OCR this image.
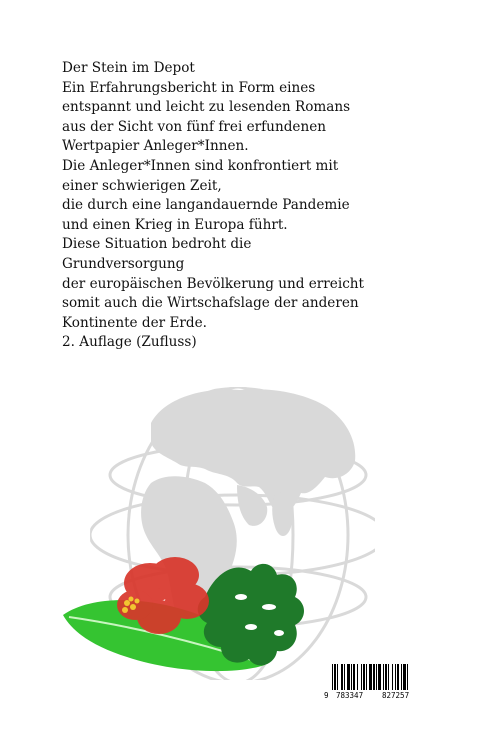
Der Stein im Depot
Ein Erfahrungsbericht in Form eines
entspannt und leicht zu lesenden Romans
aus der Sicht von fünf frei erfundenen
Wertpapier Anleger*Innen.
Die Anleger*Innen sind konfrontiert mit
einer schwierigen Zeit,
die durch eine langandauernde Pandemie
und einen Krieg in Europa führt.
Diese Situation bedroht die
Grundversorgung
der europäischen Bevölkerung und erreicht
somit auch die Wirtschafslage der anderen
Kontinente der Erde.
2. Auflage (Zufluss)
9 783347	827257
